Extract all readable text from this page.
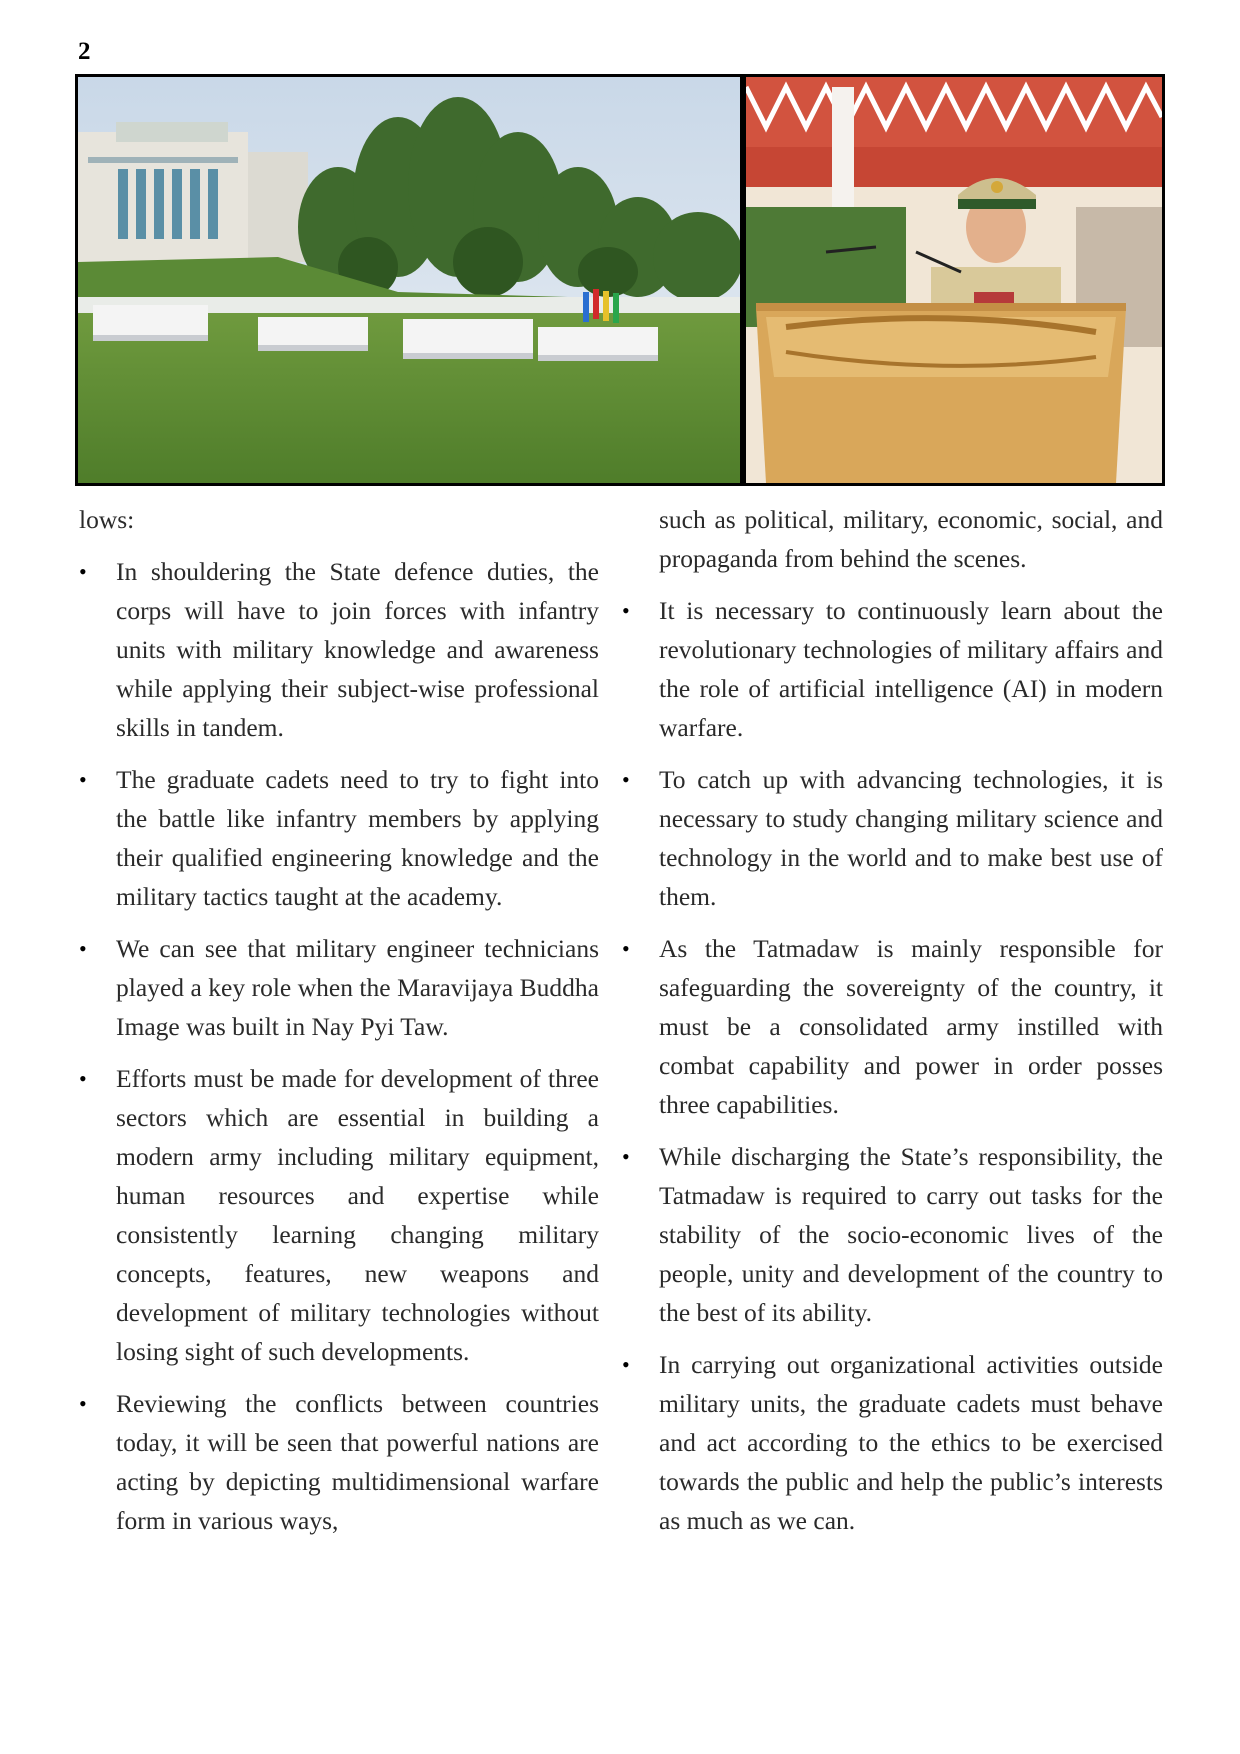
2

lows:

• In shouldering the State defence duties, the corps will have to join forces with infantry units with military knowledge and awareness while applying their subject-wise professional skills in tandem.
• The graduate cadets need to try to fight into the battle like infantry members by applying their qualified engineering knowledge and the military tactics taught at the academy.
• We can see that military engineer technicians played a key role when the Maravijaya Buddha Image was built in Nay Pyi Taw.
• Efforts must be made for development of three sectors which are essential in building a modern army including military equipment, human resources and expertise while consistently learning changing military concepts, features, new weapons and development of military technologies without losing sight of such developments.
• Reviewing the conflicts between countries today, it will be seen that powerful nations are acting by depicting multidimensional warfare form in various ways,

such as political, military, economic, social, and propaganda from behind the scenes.

• It is necessary to continuously learn about the revolutionary technologies of military affairs and the role of artificial intelligence (AI) in modern warfare.
• To catch up with advancing technologies, it is necessary to study changing military science and technology in the world and to make best use of them.
• As the Tatmadaw is mainly responsible for safeguarding the sovereignty of the country, it must be a consolidated army instilled with combat capability and power in order posses three capabilities.
• While discharging the State’s responsibility, the Tatmadaw is required to carry out tasks for the stability of the socio-economic lives of the people, unity and development of the country to the best of its ability.
• In carrying out organizational activities outside military units, the graduate cadets must behave and act according to the ethics to be exercised towards the public and help the public’s interests as much as we can.
